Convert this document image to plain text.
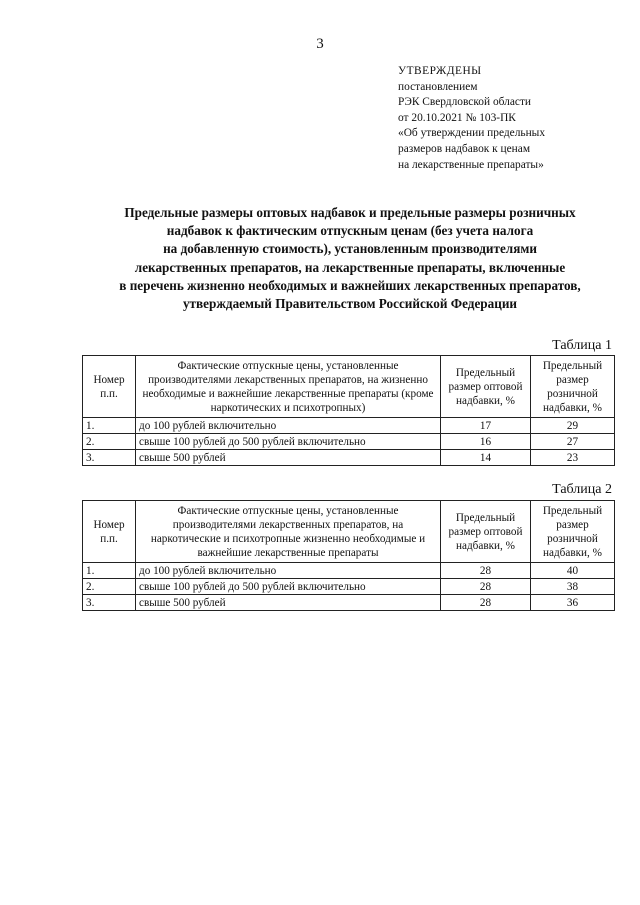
3
УТВЕРЖДЕНЫ
постановлением
РЭК Свердловской области
от 20.10.2021 № 103-ПК
«Об утверждении предельных
размеров надбавок к ценам
на лекарственные препараты»
Предельные размеры оптовых надбавок и предельные размеры розничных
надбавок к фактическим отпускным ценам (без учета налога
на добавленную стоимость), установленным производителями
лекарственных препаратов, на лекарственные препараты, включенные
в перечень жизненно необходимых и важнейших лекарственных препаратов,
утверждаемый Правительством Российской Федерации
Таблица 1
Номер п.п.	Фактические отпускные цены, установленные производителями лекарственных препаратов, на жизненно необходимые и важнейшие лекарственные препараты (кроме наркотических и психотропных)	Предельный размер оптовой надбавки, %	Предельный размер розничной надбавки, %
1.	до 100 рублей включительно	17	29
2.	свыше 100 рублей до 500 рублей включительно	16	27
3.	свыше 500 рублей	14	23
Таблица 2
Номер п.п.	Фактические отпускные цены, установленные производителями лекарственных препаратов, на наркотические и психотропные жизненно необходимые и важнейшие лекарственные препараты	Предельный размер оптовой надбавки, %	Предельный размер розничной надбавки, %
1.	до 100 рублей включительно	28	40
2.	свыше 100 рублей до 500 рублей включительно	28	38
3.	свыше 500 рублей	28	36
